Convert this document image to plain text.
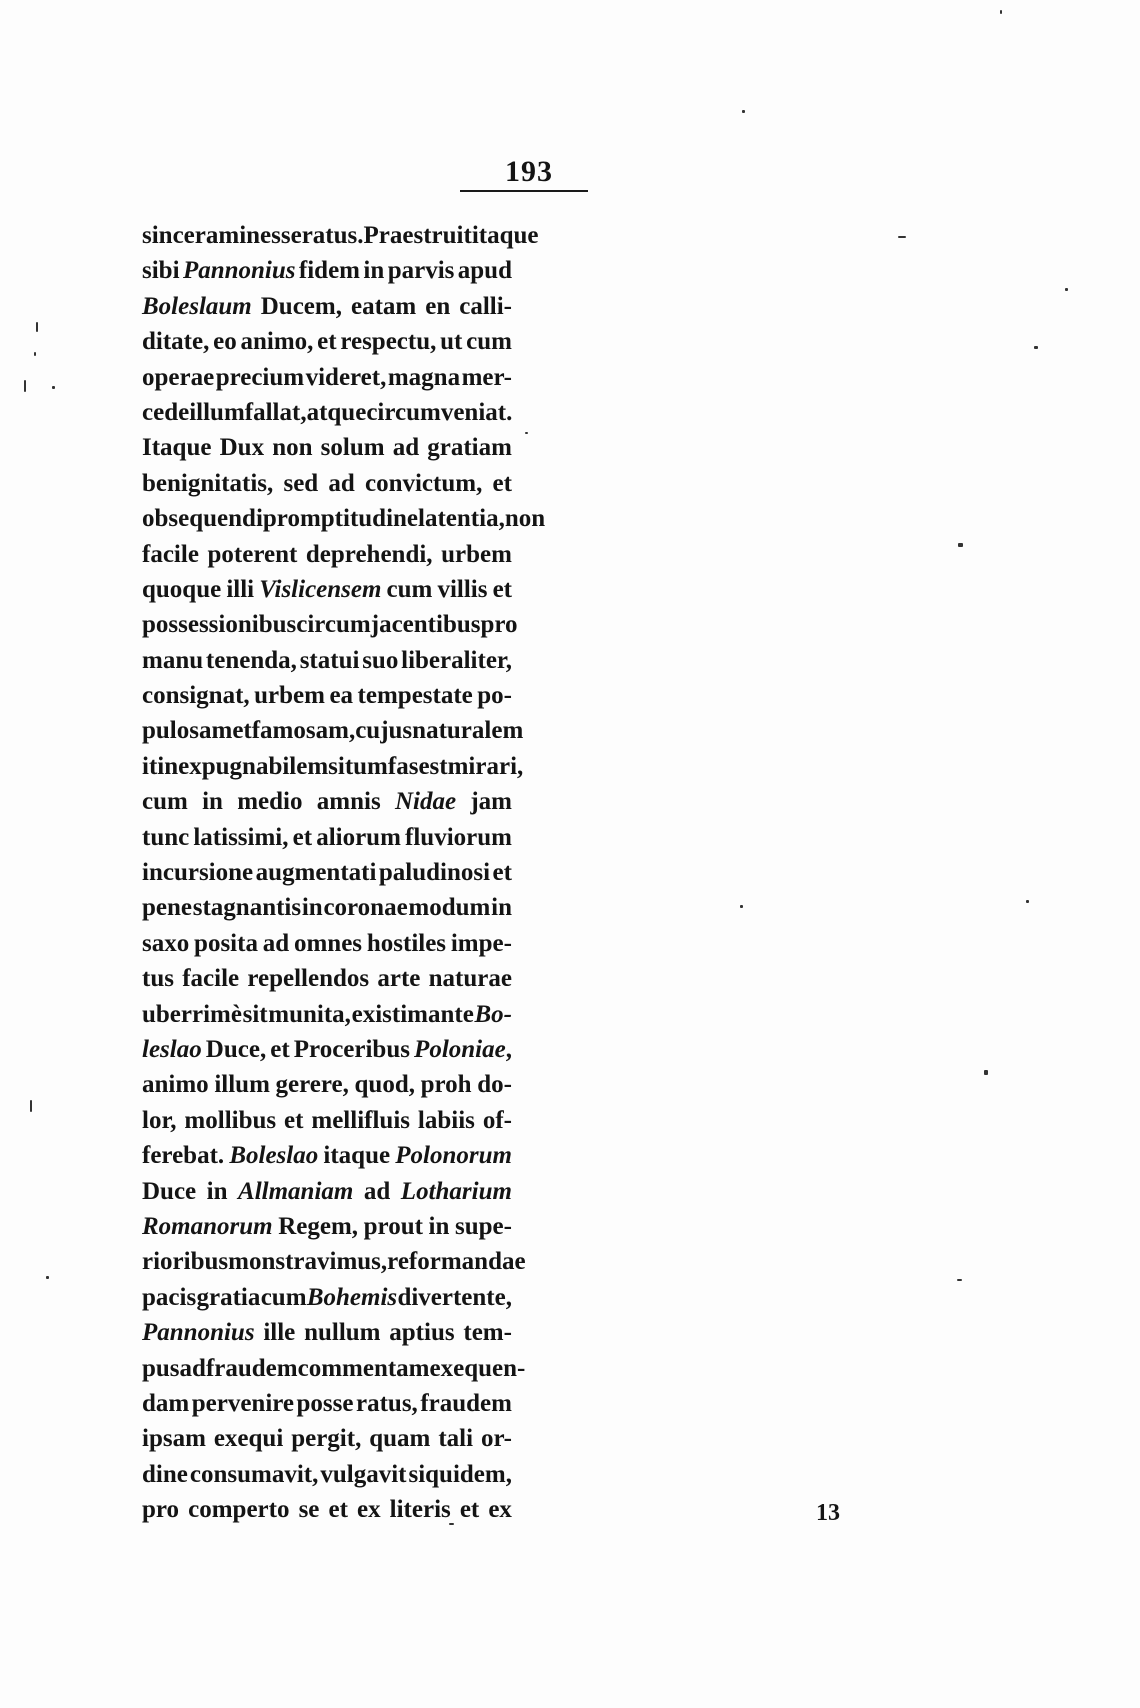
193
sinceram inesse ratus. Praestruit itaque
sibi Pannonius fidem in parvis apud
Boleslaum Ducem, eatam en calli-
ditate, eo animo, et respectu, ut cum
operae precium videret, magna mer-
cede illum fallat, atque circumveniat.
Itaque Dux non solum ad gratiam
benignitatis, sed ad convictum, et
obsequendi promptitudine latentia, non
facile poterent deprehendi, urbem
quoque illi Vislicensem cum villis et
possessionibus circumjacentibus pro
manu tenenda, statui suo liberaliter,
consignat, urbem ea tempestate po-
pulosam et famosam, cujus naturalem
it inexpugnabilem situm fas est mirari,
cum in medio amnis Nidae jam
tunc latissimi, et aliorum fluviorum
incursione augmentati paludinosi et
pene stagnantis in coronae modum in
saxo posita ad omnes hostiles impe-
tus facile repellendos arte naturae
uberrimè sit munita, existimante Bo-
leslao Duce, et Proceribus Poloniae,
animo illum gerere, quod, proh do-
lor, mollibus et mellifluis labiis of-
ferebat. Boleslao itaque Polonorum
Duce in Allmaniam ad Lotharium
Romanorum Regem, prout in supe-
rioribus monstravimus, reformandae
pacis gratia cum Bohemis divertente,
Pannonius ille nullum aptius tem-
pus ad fraudem commentam exequen-
dam pervenire posse ratus, fraudem
ipsam exequi pergit, quam tali or-
dine consumavit, vulgavit siquidem,
pro comperto se et ex literis et ex	13
